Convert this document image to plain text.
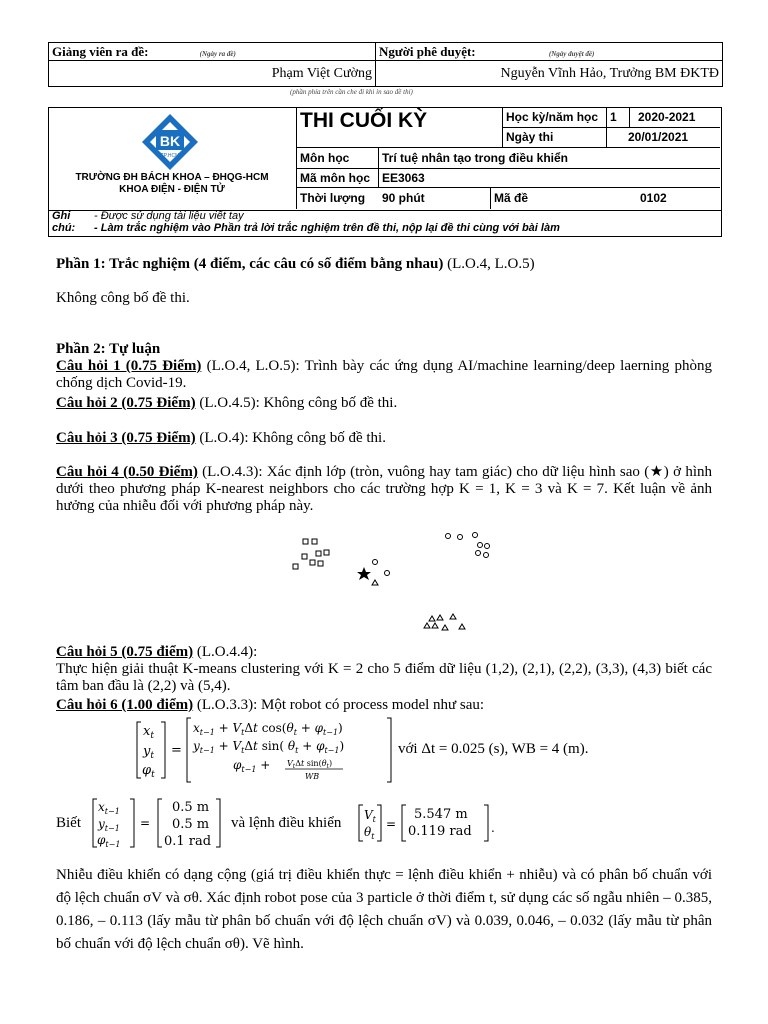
Giảng viên ra đề: (Ngày ra đề)	Người phê duyệt: (Ngày duyệt đề)
Phạm Việt Cường	Nguyễn Vĩnh Hảo, Trưởng BM ĐKTĐ
(phần phía trên cần che đi khi in sao đề thi)
BK
TP.HCM
TRƯỜNG ĐH BÁCH KHOA – ĐHQG-HCM
KHOA ĐIỆN - ĐIỆN TỬ
THI CUỐI KỲ	Học kỳ/năm học 1 2020-2021
Ngày thi	20/01/2021
Môn học	Trí tuệ nhân tạo trong điều khiển
Mã môn học EE3063
Thời lượng 90 phút	Mã đề	0102
Ghi
chú:
- Được sử dụng tài liệu viết tay
- Làm trắc nghiệm vào Phần trả lời trắc nghiệm trên đề thi, nộp lại đề thi cùng với bài làm
Phần 1: Trắc nghiệm (4 điểm, các câu có số điểm bằng nhau) (L.O.4, L.O.5)
Không công bố đề thi.
Phần 2: Tự luận
Câu hỏi 1 (0.75 Điểm) (L.O.4, L.O.5): Trình bày các ứng dụng AI/machine learning/deep laerning phòng chống dịch Covid-19.
Câu hỏi 2 (0.75 Điểm) (L.O.4.5): Không công bố đề thi.
Câu hỏi 3 (0.75 Điểm) (L.O.4): Không công bố đề thi.
Câu hỏi 4 (0.50 Điểm) (L.O.4.3): Xác định lớp (tròn, vuông hay tam giác) cho dữ liệu hình sao (★) ở hình dưới theo phương pháp K-nearest neighbors cho các trường hợp K = 1, K = 3 và K = 7. Kết luận về ảnh hưởng của nhiễu đối với phương pháp này.
Câu hỏi 5 (0.75 điểm) (L.O.4.4):
Thực hiện giải thuật K-means clustering với K = 2 cho 5 điểm dữ liệu (1,2), (2,1), (2,2), (3,3), (4,3) biết các tâm ban đầu là (2,2) và (5,4).
Câu hỏi 6 (1.00 điểm) (L.O.3.3): Một robot có process model như sau:
$x_t$
$y_t$
$\varphi_t$
=
$x_{t-1} + V_t\Delta t$ $\cos(\theta_t + \varphi_{t-1})$
$y_{t-1} + V_t\Delta t$ sin( $\theta_t + \varphi_{t-1}$)
$\varphi_{t-1} + V_t\Delta t$ $\sin(\theta_t)$
WB
với Δt = 0.025 (s), WB = 4 (m).
Biết
$x_{t-1}$
$y_{t-1}$
$\varphi_{t-1}$
=
0.5 m
0.5 m
0.1 rad
và lệnh điều khiển $V_t$
$\theta_t$
=	.
5.547 m
0.119 rad
Nhiễu điều khiển có dạng cộng (giá trị điều khiển thực = lệnh điều khiển + nhiễu) và có phân bố chuẩn với độ lệch chuẩn σV và σθ. Xác định robot pose của 3 particle ở thời điểm t, sử dụng các số ngẫu nhiên – 0.385, 0.186, – 0.113 (lấy mẫu từ phân bố chuẩn với độ lệch chuẩn σV) và 0.039, 0.046, – 0.032 (lấy mẫu từ phân bố chuẩn với độ lệch chuẩn σθ). Vẽ hình.
